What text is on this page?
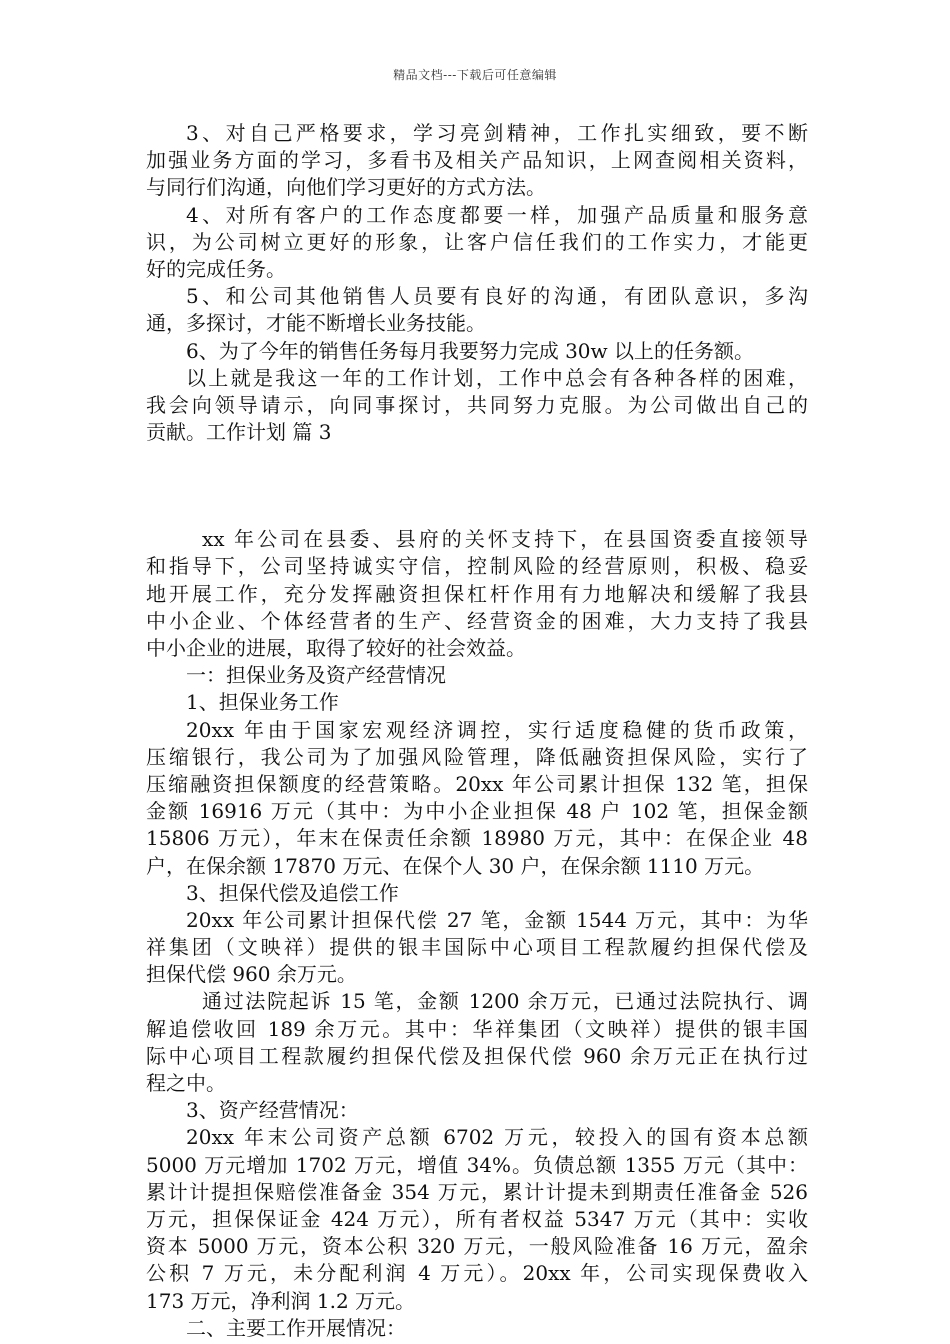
精品文档---下载后可任意编辑
3、对自己严格要求，学习亮剑精神，工作扎实细致，要不断
加强业务方面的学习，多看书及相关产品知识，上网查阅相关资料，
与同行们沟通，向他们学习更好的方式方法。
4、对所有客户的工作态度都要一样，加强产品质量和服务意
识，为公司树立更好的形象，让客户信任我们的工作实力，才能更
好的完成任务。
5、和公司其他销售人员要有良好的沟通，有团队意识，多沟
通，多探讨，才能不断增长业务技能。
6、为了今年的销售任务每月我要努力完成 30w 以上的任务额。
以上就是我这一年的工作计划，工作中总会有各种各样的困难，
我会向领导请示，向同事探讨，共同努力克服。为公司做出自己的
贡献。工作计划 篇 3
xx 年公司在县委、县府的关怀支持下，在县国资委直接领导
和指导下，公司坚持诚实守信，控制风险的经营原则，积极、稳妥
地开展工作，充分发挥融资担保杠杆作用有力地解决和缓解了我县
中小企业、个体经营者的生产、经营资金的困难，大力支持了我县
中小企业的进展，取得了较好的社会效益。
一：担保业务及资产经营情况
1、担保业务工作
20xx 年由于国家宏观经济调控，实行适度稳健的货币政策，
压缩银行，我公司为了加强风险管理，降低融资担保风险，实行了
压缩融资担保额度的经营策略。20xx 年公司累计担保 132 笔，担保
金额 16916 万元（其中：为中小企业担保 48 户 102 笔，担保金额
15806 万元），年末在保责任余额 18980 万元，其中：在保企业 48
户，在保余额 17870 万元、在保个人 30 户，在保余额 1110 万元。
3、担保代偿及追偿工作
20xx 年公司累计担保代偿 27 笔，金额 1544 万元，其中：为华
祥集团（文映祥）提供的银丰国际中心项目工程款履约担保代偿及
担保代偿 960 余万元。
通过法院起诉 15 笔，金额 1200 余万元，已通过法院执行、调
解追偿收回 189 余万元。其中：华祥集团（文映祥）提供的银丰国
际中心项目工程款履约担保代偿及担保代偿 960 余万元正在执行过
程之中。
3、资产经营情况：
20xx 年末公司资产总额 6702 万元，较投入的国有资本总额
5000 万元增加 1702 万元，增值 34%。负债总额 1355 万元（其中：
累计计提担保赔偿准备金 354 万元，累计计提未到期责任准备金 526
万元，担保保证金 424 万元），所有者权益 5347 万元（其中：实收
资本 5000 万元，资本公积 320 万元，一般风险准备 16 万元，盈余
公积 7 万元，未分配利润 4 万元）。20xx 年，公司实现保费收入
173 万元，净利润 1.2 万元。
二、主要工作开展情况：
